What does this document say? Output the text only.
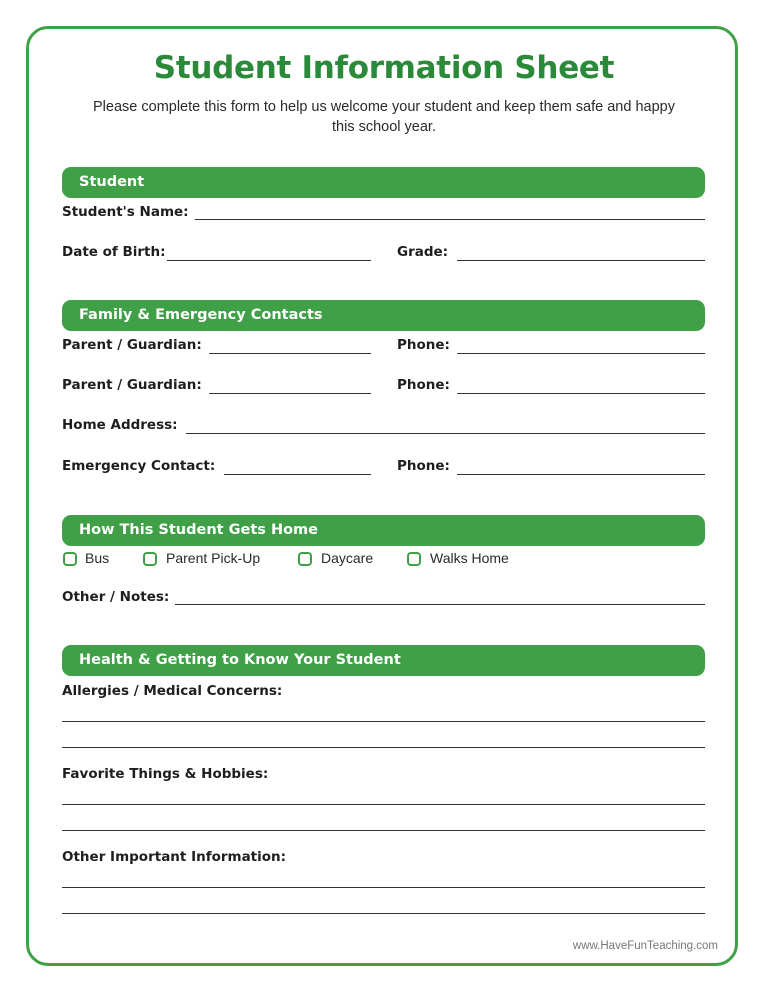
Student Information Sheet
Please complete this form to help us welcome your student and keep them safe and happy this school year.
Student
Student's Name:
Date of Birth:	Grade:
Family & Emergency Contacts
Parent / Guardian:	Phone:
Parent / Guardian:	Phone:
Home Address:
Emergency Contact:	Phone:
How This Student Gets Home
Bus	Parent Pick-Up	Daycare	Walks Home
Other / Notes:
Health & Getting to Know Your Student
Allergies / Medical Concerns:
Favorite Things & Hobbies:
Other Important Information:
www.HaveFunTeaching.com
